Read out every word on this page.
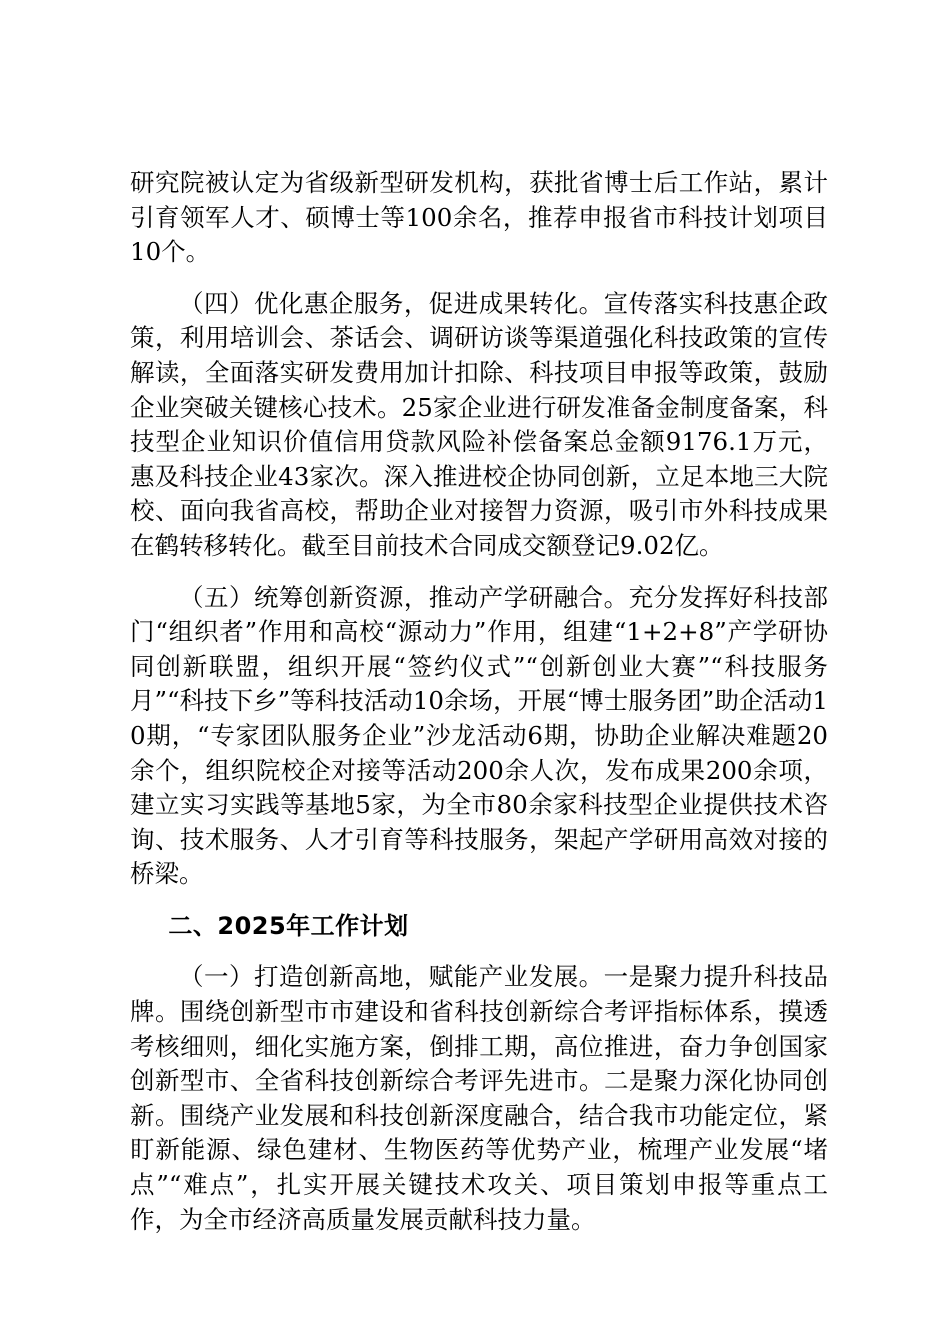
研究院被认定为省级新型研发机构，获批省博士后工作站，累计引育领军人才、硕博士等100余名，推荐申报省市科技计划项目10个。

（四）优化惠企服务，促进成果转化。宣传落实科技惠企政策，利用培训会、茶话会、调研访谈等渠道强化科技政策的宣传解读，全面落实研发费用加计扣除、科技项目申报等政策，鼓励企业突破关键核心技术。25家企业进行研发准备金制度备案，科技型企业知识价值信用贷款风险补偿备案总金额9176.1万元，惠及科技企业43家次。深入推进校企协同创新，立足本地三大院校、面向我省高校，帮助企业对接智力资源，吸引市外科技成果在鹤转移转化。截至目前技术合同成交额登记9.02亿。

（五）统筹创新资源，推动产学研融合。充分发挥好科技部门“组织者”作用和高校“源动力”作用，组建“1+2+8”产学研协同创新联盟，组织开展“签约仪式”“创新创业大赛”“科技服务月”“科技下乡”等科技活动10余场，开展“博士服务团”助企活动10期，“专家团队服务企业”沙龙活动6期，协助企业解决难题20余个，组织院校企对接等活动200余人次，发布成果200余项，建立实习实践等基地5家，为全市80余家科技型企业提供技术咨询、技术服务、人才引育等科技服务，架起产学研用高效对接的桥梁。

二、2025年工作计划

（一）打造创新高地，赋能产业发展。一是聚力提升科技品牌。围绕创新型市市建设和省科技创新综合考评指标体系，摸透考核细则，细化实施方案，倒排工期，高位推进，奋力争创国家创新型市、全省科技创新综合考评先进市。二是聚力深化协同创新。围绕产业发展和科技创新深度融合，结合我市功能定位，紧盯新能源、绿色建材、生物医药等优势产业，梳理产业发展“堵点”“难点”，扎实开展关键技术攻关、项目策划申报等重点工作，为全市经济高质量发展贡献科技力量。
